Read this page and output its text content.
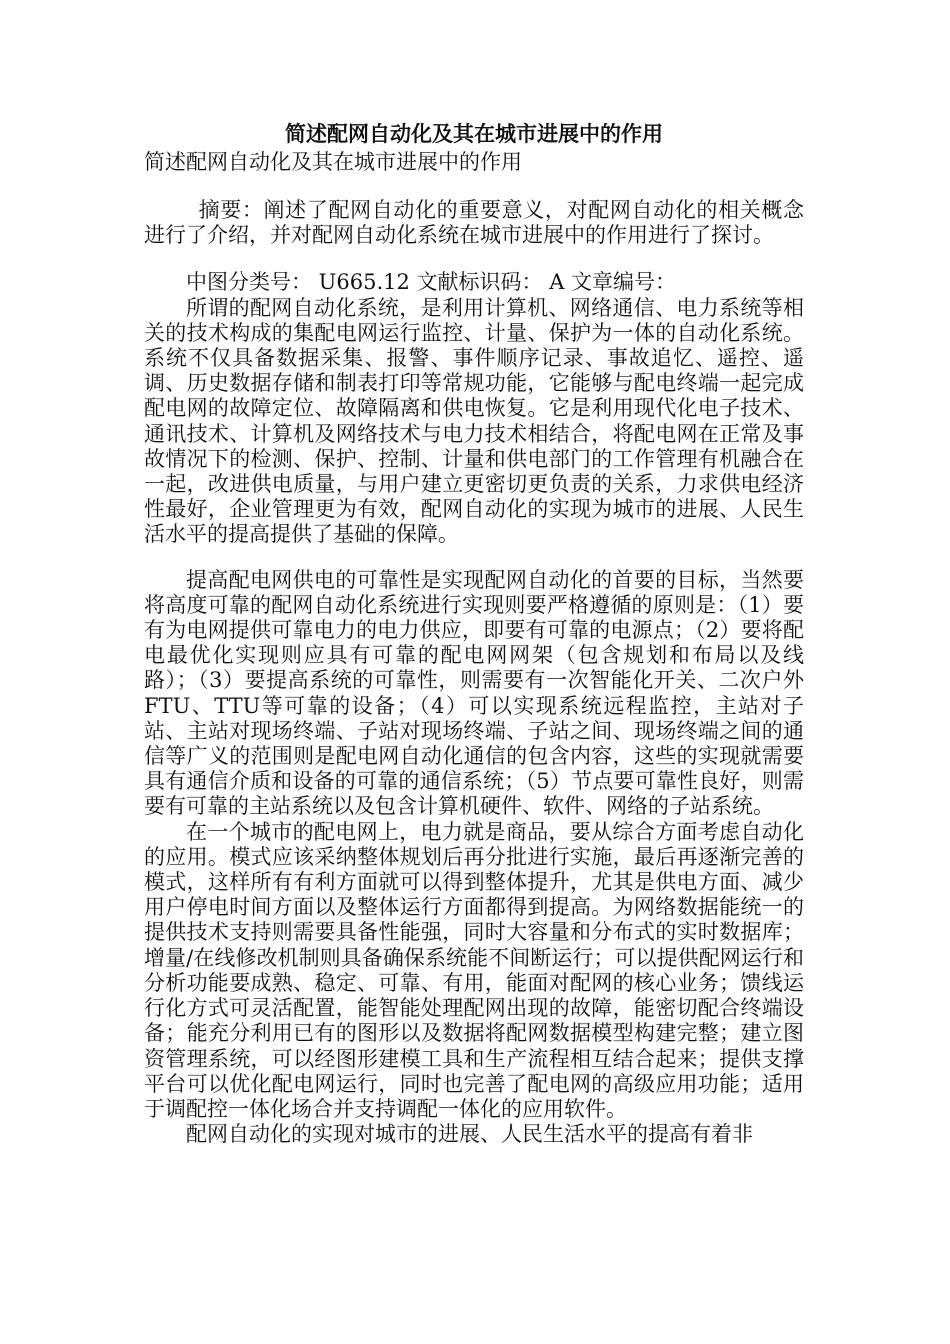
简述配网自动化及其在城市进展中的作用

简述配网自动化及其在城市进展中的作用

摘要：阐述了配网自动化的重要意义，对配网自动化的相关概念进行了介绍，并对配网自动化系统在城市进展中的作用进行了探讨。

中图分类号： U665.12 文献标识码： A 文章编号：

所谓的配网自动化系统，是利用计算机、网络通信、电力系统等相关的技术构成的集配电网运行监控、计量、保护为一体的自动化系统。系统不仅具备数据采集、报警、事件顺序记录、事故追忆、遥控、遥调、历史数据存储和制表打印等常规功能，它能够与配电终端一起完成配电网的故障定位、故障隔离和供电恢复。它是利用现代化电子技术、通讯技术、计算机及网络技术与电力技术相结合，将配电网在正常及事故情况下的检测、保护、控制、计量和供电部门的工作管理有机融合在一起，改进供电质量，与用户建立更密切更负责的关系，力求供电经济性最好，企业管理更为有效，配网自动化的实现为城市的进展、人民生活水平的提高提供了基础的保障。

提高配电网供电的可靠性是实现配网自动化的首要的目标，当然要将高度可靠的配网自动化系统进行实现则要严格遵循的原则是：（1）要有为电网提供可靠电力的电力供应，即要有可靠的电源点；（2）要将配电最优化实现则应具有可靠的配电网网架（包含规划和布局以及线路）；（3）要提高系统的可靠性，则需要有一次智能化开关、二次户外FTU、TTU等可靠的设备；（4）可以实现系统远程监控，主站对子站、主站对现场终端、子站对现场终端、子站之间、现场终端之间的通信等广义的范围则是配电网自动化通信的包含内容，这些的实现就需要具有通信介质和设备的可靠的通信系统；（5）节点要可靠性良好，则需要有可靠的主站系统以及包含计算机硬件、软件、网络的子站系统。

在一个城市的配电网上，电力就是商品，要从综合方面考虑自动化的应用。模式应该采纳整体规划后再分批进行实施，最后再逐渐完善的模式，这样所有有利方面就可以得到整体提升，尤其是供电方面、减少用户停电时间方面以及整体运行方面都得到提高。为网络数据能统一的提供技术支持则需要具备性能强，同时大容量和分布式的实时数据库；增量/在线修改机制则具备确保系统能不间断运行；可以提供配网运行和分析功能要成熟、稳定、可靠、有用，能面对配网的核心业务；馈线运行化方式可灵活配置，能智能处理配网出现的故障，能密切配合终端设备；能充分利用已有的图形以及数据将配网数据模型构建完整；建立图资管理系统，可以经图形建模工具和生产流程相互结合起来；提供支撑平台可以优化配电网运行，同时也完善了配电网的高级应用功能；适用于调配控一体化场合并支持调配一体化的应用软件。

配网自动化的实现对城市的进展、人民生活水平的提高有着非
